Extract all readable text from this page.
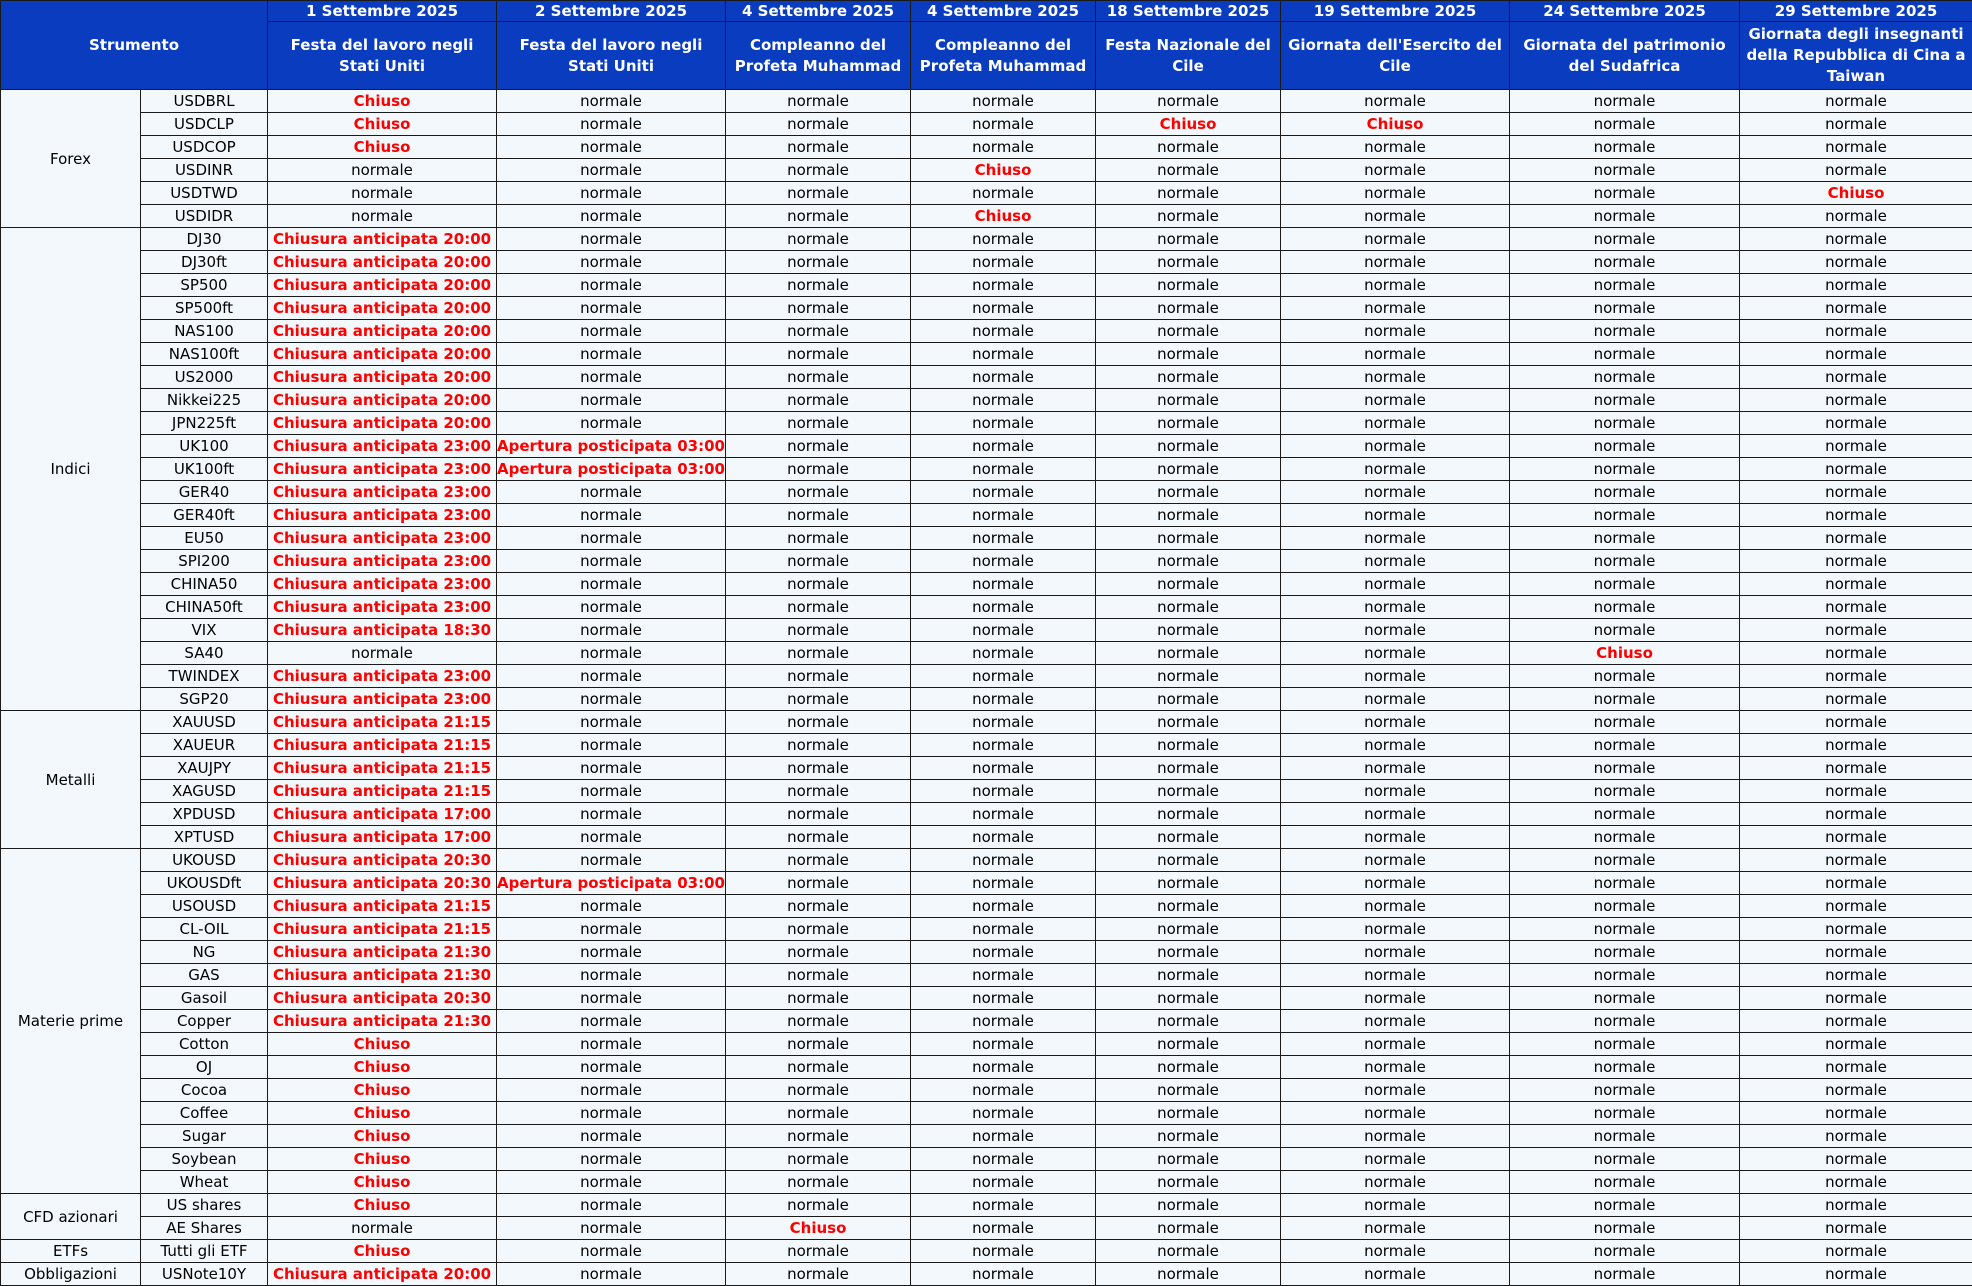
Strumento		1 Settembre 2025	2 Settembre 2025	4 Settembre 2025	4 Settembre 2025	18 Settembre 2025	19 Settembre 2025	24 Settembre 2025	29 Settembre 2025
		Festa del lavoro negli Stati Uniti	Festa del lavoro negli Stati Uniti	Compleanno del Profeta Muhammad	Compleanno del Profeta Muhammad	Festa Nazionale del Cile	Giornata dell'Esercito del Cile	Giornata del patrimonio del Sudafrica	Giornata degli insegnanti della Repubblica di Cina a Taiwan
Forex	USDBRL	Chiuso	normale	normale	normale	normale	normale	normale	normale
	USDCLP	Chiuso	normale	normale	normale	Chiuso	Chiuso	normale	normale
	USDCOP	Chiuso	normale	normale	normale	normale	normale	normale	normale
	USDINR	normale	normale	normale	Chiuso	normale	normale	normale	normale
	USDTWD	normale	normale	normale	normale	normale	normale	normale	Chiuso
	USDIDR	normale	normale	normale	Chiuso	normale	normale	normale	normale
Indici	DJ30	Chiusura anticipata 20:00	normale	normale	normale	normale	normale	normale	normale
	DJ30ft	Chiusura anticipata 20:00	normale	normale	normale	normale	normale	normale	normale
	SP500	Chiusura anticipata 20:00	normale	normale	normale	normale	normale	normale	normale
	SP500ft	Chiusura anticipata 20:00	normale	normale	normale	normale	normale	normale	normale
	NAS100	Chiusura anticipata 20:00	normale	normale	normale	normale	normale	normale	normale
	NAS100ft	Chiusura anticipata 20:00	normale	normale	normale	normale	normale	normale	normale
	US2000	Chiusura anticipata 20:00	normale	normale	normale	normale	normale	normale	normale
	Nikkei225	Chiusura anticipata 20:00	normale	normale	normale	normale	normale	normale	normale
	JPN225ft	Chiusura anticipata 20:00	normale	normale	normale	normale	normale	normale	normale
	UK100	Chiusura anticipata 23:00	Apertura posticipata 03:00	normale	normale	normale	normale	normale	normale
	UK100ft	Chiusura anticipata 23:00	Apertura posticipata 03:00	normale	normale	normale	normale	normale	normale
	GER40	Chiusura anticipata 23:00	normale	normale	normale	normale	normale	normale	normale
	GER40ft	Chiusura anticipata 23:00	normale	normale	normale	normale	normale	normale	normale
	EU50	Chiusura anticipata 23:00	normale	normale	normale	normale	normale	normale	normale
	SPI200	Chiusura anticipata 23:00	normale	normale	normale	normale	normale	normale	normale
	CHINA50	Chiusura anticipata 23:00	normale	normale	normale	normale	normale	normale	normale
	CHINA50ft	Chiusura anticipata 23:00	normale	normale	normale	normale	normale	normale	normale
	VIX	Chiusura anticipata 18:30	normale	normale	normale	normale	normale	normale	normale
	SA40	normale	normale	normale	normale	normale	normale	Chiuso	normale
	TWINDEX	Chiusura anticipata 23:00	normale	normale	normale	normale	normale	normale	normale
	SGP20	Chiusura anticipata 23:00	normale	normale	normale	normale	normale	normale	normale
Metalli	XAUUSD	Chiusura anticipata 21:15	normale	normale	normale	normale	normale	normale	normale
	XAUEUR	Chiusura anticipata 21:15	normale	normale	normale	normale	normale	normale	normale
	XAUJPY	Chiusura anticipata 21:15	normale	normale	normale	normale	normale	normale	normale
	XAGUSD	Chiusura anticipata 21:15	normale	normale	normale	normale	normale	normale	normale
	XPDUSD	Chiusura anticipata 17:00	normale	normale	normale	normale	normale	normale	normale
	XPTUSD	Chiusura anticipata 17:00	normale	normale	normale	normale	normale	normale	normale
Materie prime	UKOUSD	Chiusura anticipata 20:30	normale	normale	normale	normale	normale	normale	normale
	UKOUSDft	Chiusura anticipata 20:30	Apertura posticipata 03:00	normale	normale	normale	normale	normale	normale
	USOUSD	Chiusura anticipata 21:15	normale	normale	normale	normale	normale	normale	normale
	CL-OIL	Chiusura anticipata 21:15	normale	normale	normale	normale	normale	normale	normale
	NG	Chiusura anticipata 21:30	normale	normale	normale	normale	normale	normale	normale
	GAS	Chiusura anticipata 21:30	normale	normale	normale	normale	normale	normale	normale
	Gasoil	Chiusura anticipata 20:30	normale	normale	normale	normale	normale	normale	normale
	Copper	Chiusura anticipata 21:30	normale	normale	normale	normale	normale	normale	normale
	Cotton	Chiuso	normale	normale	normale	normale	normale	normale	normale
	OJ	Chiuso	normale	normale	normale	normale	normale	normale	normale
	Cocoa	Chiuso	normale	normale	normale	normale	normale	normale	normale
	Coffee	Chiuso	normale	normale	normale	normale	normale	normale	normale
	Sugar	Chiuso	normale	normale	normale	normale	normale	normale	normale
	Soybean	Chiuso	normale	normale	normale	normale	normale	normale	normale
	Wheat	Chiuso	normale	normale	normale	normale	normale	normale	normale
CFD azionari	US shares	Chiuso	normale	normale	normale	normale	normale	normale	normale
	AE Shares	normale	normale	Chiuso	normale	normale	normale	normale	normale
ETFs	Tutti gli ETF	Chiuso	normale	normale	normale	normale	normale	normale	normale
Obbligazioni	USNote10Y	Chiusura anticipata 20:00	normale	normale	normale	normale	normale	normale	normale
